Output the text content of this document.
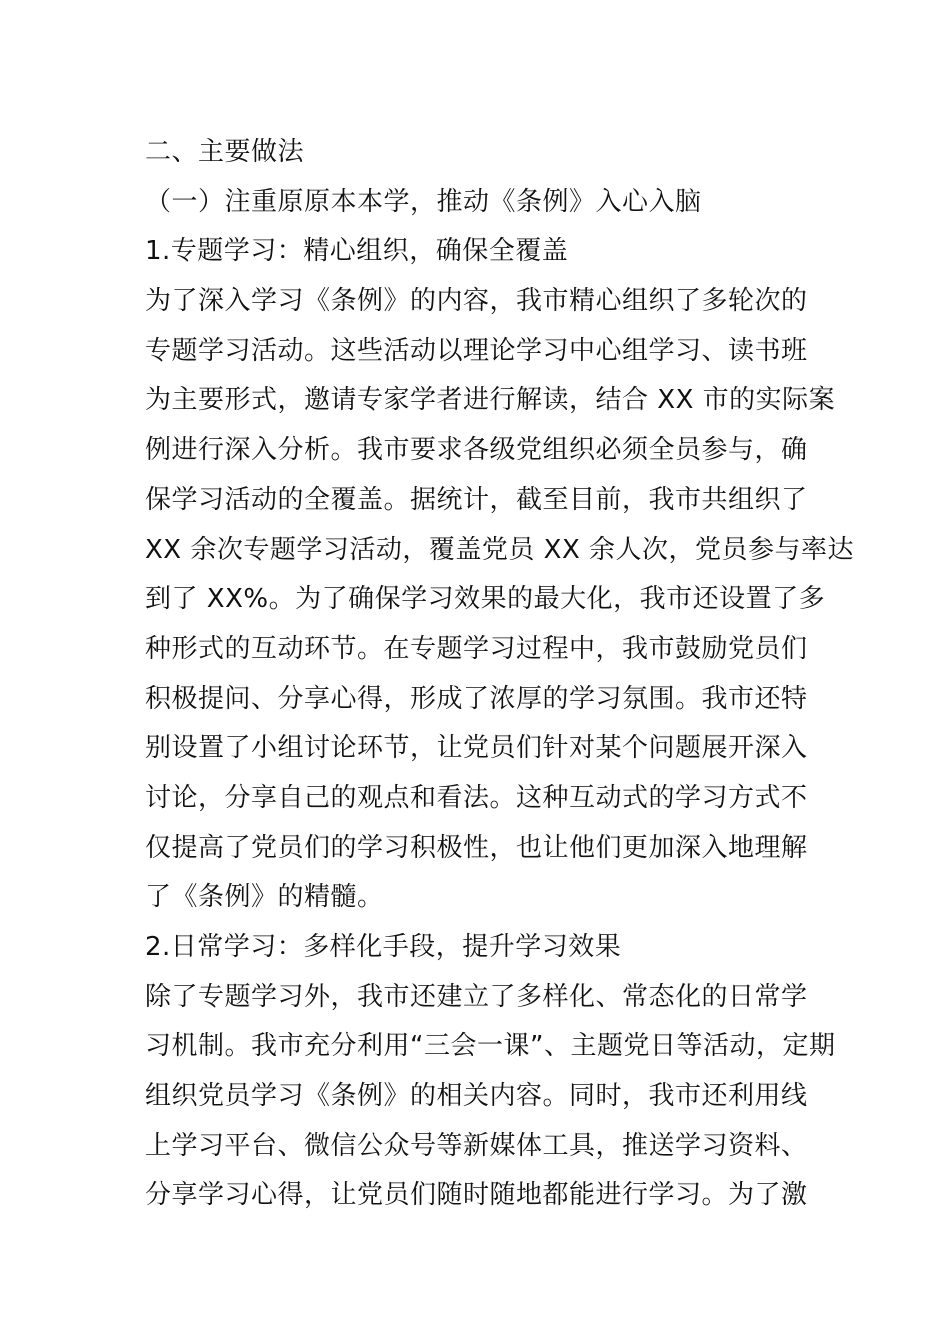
二、主要做法
（一）注重原原本本学，推动《条例》入心入脑
1.专题学习：精心组织，确保全覆盖
为了深入学习《条例》的内容，我市精心组织了多轮次的
专题学习活动。这些活动以理论学习中心组学习、读书班
为主要形式，邀请专家学者进行解读，结合 XX 市的实际案
例进行深入分析。我市要求各级党组织必须全员参与，确
保学习活动的全覆盖。据统计，截至目前，我市共组织了
XX 余次专题学习活动，覆盖党员 XX 余人次，党员参与率达
到了 XX%。为了确保学习效果的最大化，我市还设置了多
种形式的互动环节。在专题学习过程中，我市鼓励党员们
积极提问、分享心得，形成了浓厚的学习氛围。我市还特
别设置了小组讨论环节，让党员们针对某个问题展开深入
讨论，分享自己的观点和看法。这种互动式的学习方式不
仅提高了党员们的学习积极性，也让他们更加深入地理解
了《条例》的精髓。
2.日常学习：多样化手段，提升学习效果
除了专题学习外，我市还建立了多样化、常态化的日常学
习机制。我市充分利用“三会一课”、主题党日等活动，定期
组织党员学习《条例》的相关内容。同时，我市还利用线
上学习平台、微信公众号等新媒体工具，推送学习资料、
分享学习心得，让党员们随时随地都能进行学习。为了激
